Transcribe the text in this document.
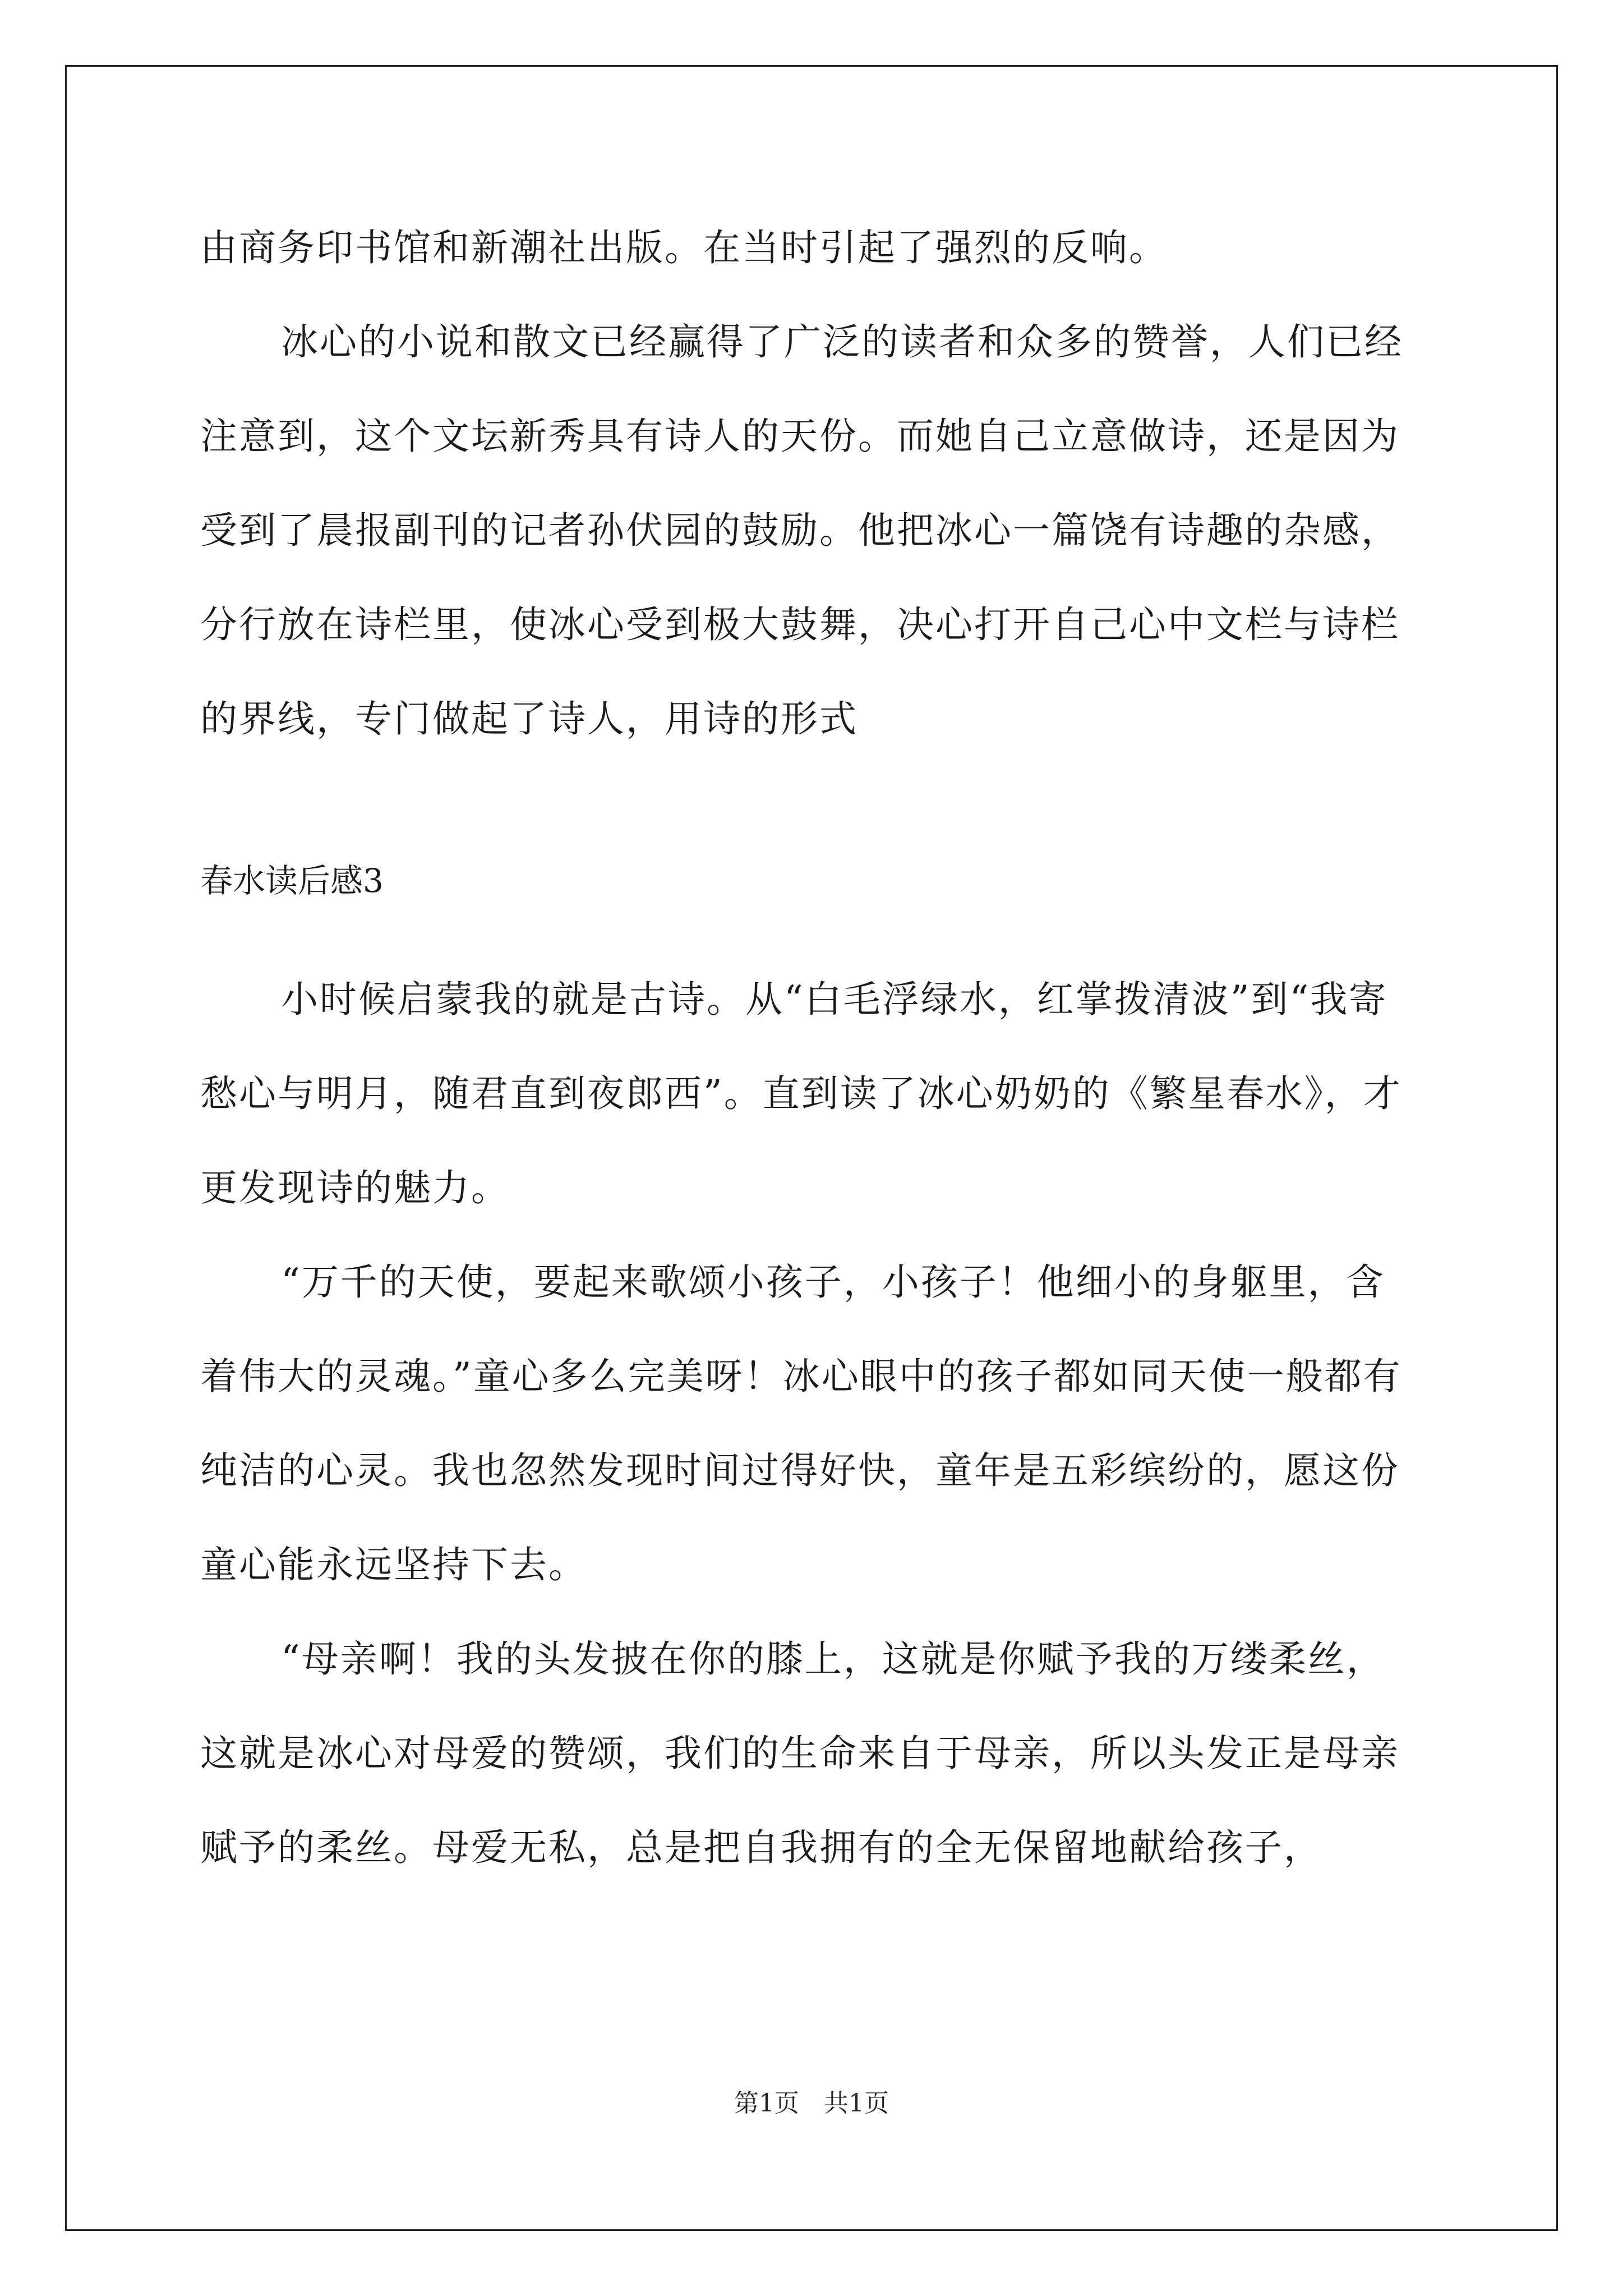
由商务印书馆和新潮社出版。在当时引起了强烈的反响。

冰心的小说和散文已经赢得了广泛的读者和众多的赞誉，人们已经注意到，这个文坛新秀具有诗人的天份。而她自己立意做诗，还是因为受到了晨报副刊的记者孙伏园的鼓励。他把冰心一篇饶有诗趣的杂感，分行放在诗栏里，使冰心受到极大鼓舞，决心打开自己心中文栏与诗栏的界线，专门做起了诗人，用诗的形式

春水读后感3

小时候启蒙我的就是古诗。从“白毛浮绿水，红掌拨清波”到“我寄愁心与明月，随君直到夜郎西”。直到读了冰心奶奶的《繁星春水》，才更发现诗的魅力。

“万千的天使，要起来歌颂小孩子，小孩子！他细小的身躯里，含着伟大的灵魂。”童心多么完美呀！冰心眼中的孩子都如同天使一般都有纯洁的心灵。我也忽然发现时间过得好快，童年是五彩缤纷的，愿这份童心能永远坚持下去。

“母亲啊！我的头发披在你的膝上，这就是你赋予我的万缕柔丝，这就是冰心对母爱的赞颂，我们的生命来自于母亲，所以头发正是母亲赋予的柔丝。母爱无私，总是把自我拥有的全无保留地献给孩子，

第1页　共1页
